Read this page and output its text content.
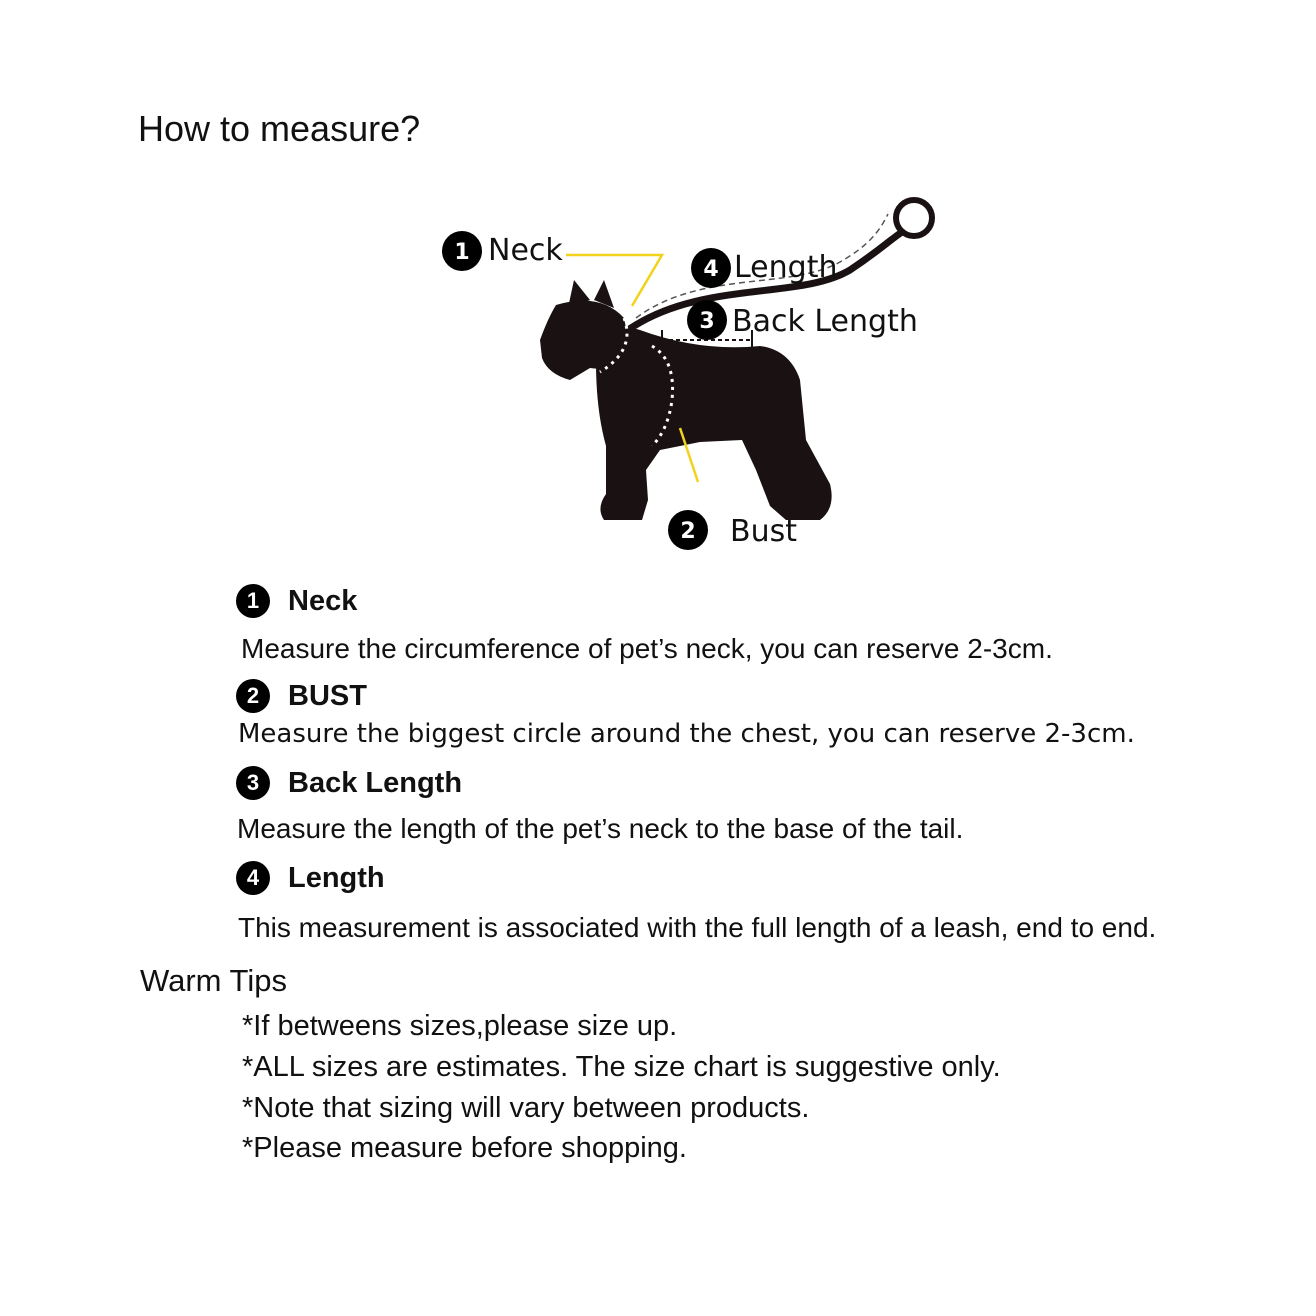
How to measure?
1 Neck
4 Length
3 Back Length
2 Bust
1 Neck
Measure the circumference of pet’s neck, you can reserve 2-3cm.
2 BUST
Measure the biggest circle around the chest, you can reserve 2-3cm.
3 Back Length
Measure the length of the pet’s neck to the base of the tail.
4 Length
This measurement is associated with the full length of a leash, end to end.
Warm Tips
*If betweens sizes,please size up.
*ALL sizes are estimates. The size chart is suggestive only.
*Note that sizing will vary between products.
*Please measure before shopping.
